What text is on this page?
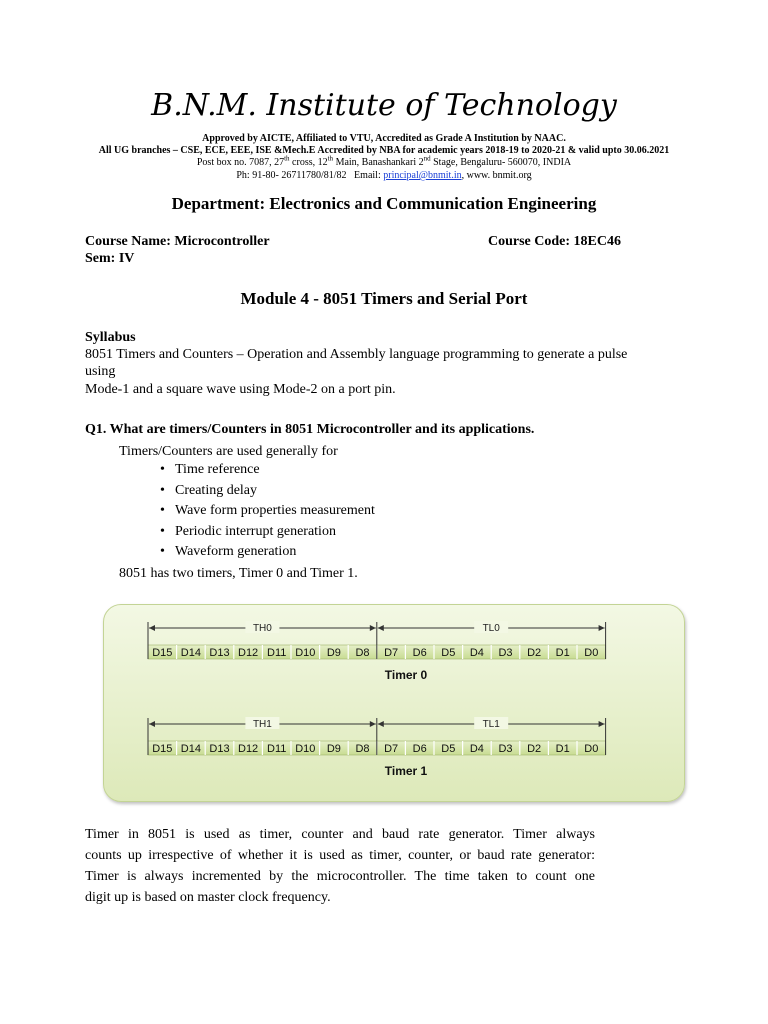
B.N.M. Institute of Technology
Approved by AICTE, Affiliated to VTU, Accredited as Grade A Institution by NAAC.
All UG branches – CSE, ECE, EEE, ISE &Mech.E Accredited by NBA for academic years 2018-19 to 2020-21 & valid upto 30.06.2021
Post box no. 7087, 27th cross, 12th Main, Banashankari 2nd Stage, Bengaluru- 560070, INDIA
Ph: 91-80- 26711780/81/82   Email: principal@bnmit.in, www. bnmit.org
Department: Electronics and Communication Engineering
Course Name: Microcontroller	Course Code: 18EC46
Sem: IV
Module 4 - 8051 Timers and Serial Port
Syllabus
8051 Timers and Counters – Operation and Assembly language programming to generate a pulse
using
Mode-1 and a square wave using Mode-2 on a port pin.
Q1. What are timers/Counters in 8051 Microcontroller and its applications.
Timers/Counters are used generally for
• Time reference
• Creating delay
• Wave form properties measurement
• Periodic interrupt generation
• Waveform generation
8051 has two timers, Timer 0 and Timer 1.
D15 D14 D13 D12 D11 D10 D9 D8 D7 D6 D5 D4 D3 D2 D1 D0
TH0	TL0
Timer 0
D15 D14 D13 D12 D11 D10 D9 D8 D7 D6 D5 D4 D3 D2 D1 D0
TH1	TL1
Timer 1
Timer in 8051 is used as timer, counter and baud rate generator. Timer always
counts up irrespective of whether it is used as timer, counter, or baud rate generator:
Timer is always incremented by the microcontroller. The time taken to count one
digit up is based on master clock frequency.
